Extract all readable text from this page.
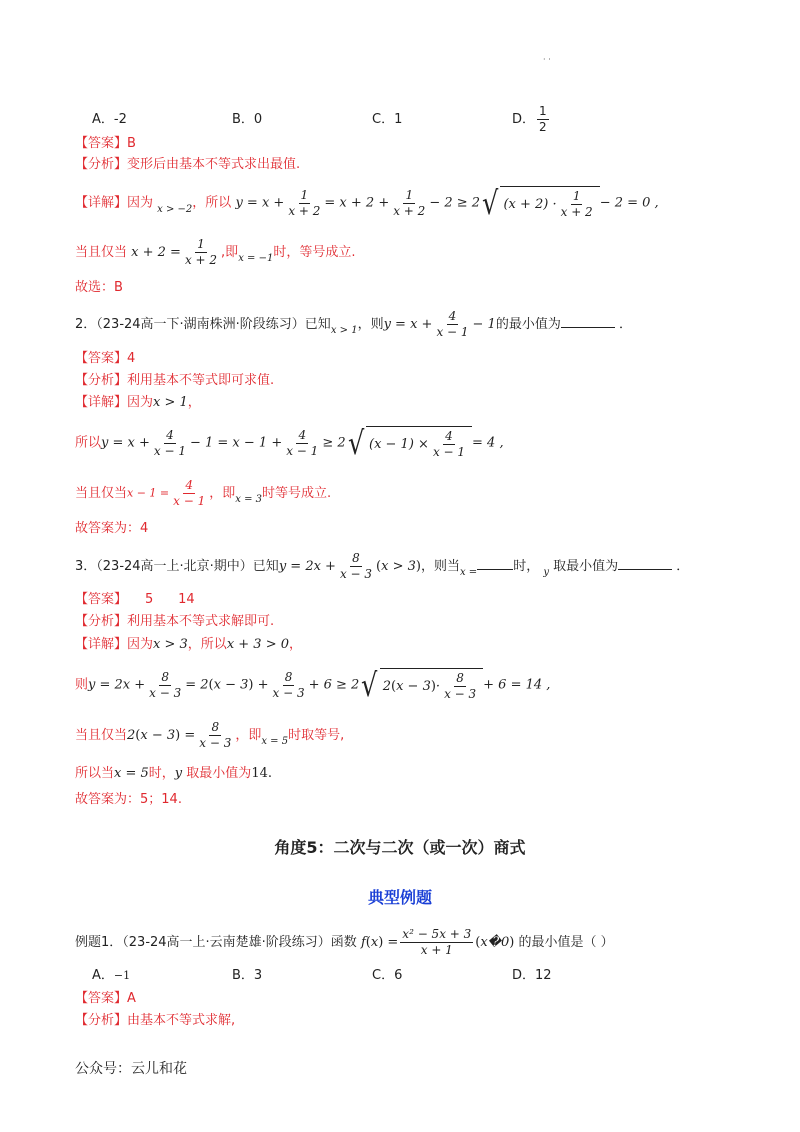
· ·
A．-2	B．0	C．1	D． $\frac{1}{2}$
【答案】B
【分析】变形后由基本不等式求出最值.
【详解】因为 $_{x > -2}$，所以 $y = x + \frac{1}{x + 2} = x + 2 + \frac{1}{x + 2} - 2 \ge 2$ √ $(x + 2) \cdot \frac{1}{x + 2} - 2 = 0$ ,
当且仅当 $x + 2 = \frac{1}{x + 2}$ ,即$_{x = -1}$时，等号成立.
故选：B
2．（23-24高一下·湖南株洲·阶段练习）已知$_{x > 1}$，则$y = x + \frac{4}{x - 1} - 1$的最小值为	．
【答案】4
【分析】利用基本不等式即可求值.
【详解】因为x > 1，
所以$y = x + \frac{4}{x - 1} - 1 = x - 1 + \frac{4}{x - 1} \ge 2$ √ $(x - 1) \times \frac{4}{x - 1} = 4$ ,
当且仅当$x - 1 = \frac{4}{x - 1}$ ，即$_{x = 3}$时等号成立.
故答案为：4
3．（23-24高一上·北京·期中）已知$y = 2x + \frac{8}{x - 3} (x > 3)$，则当$_{x =}$	时， $_y$ 取最小值为	．
【答案】 5      14
【分析】利用基本不等式求解即可.
【详解】因为x > 3，所以x + 3 > 0，
则$y = 2x + \frac{8}{x - 3} = 2(x - 3) + \frac{8}{x - 3} + 6 \ge 2$ √ 2 ( x − 3 ) · $\frac{8}{x - 3} + 6 = 14$ ,
当且仅当$2(x - 3) = \frac{8}{x - 3}$ ，即$_{x = 5}$时取等号,
所以当x = 5时，y 取最小值为14.
故答案为：5；14.
角度5：二次与二次（或一次）商式
典型例题
例题1．（23-24高一上·云南楚雄·阶段练习）函数 $f(x) = \frac{\text{x² − 5x + 3}}{x + 1}$ (x�0) 的最小值是（ ）
A．−1	B．3	C．6	D．12
【答案】A
【分析】由基本不等式求解,
公众号：云儿和花
